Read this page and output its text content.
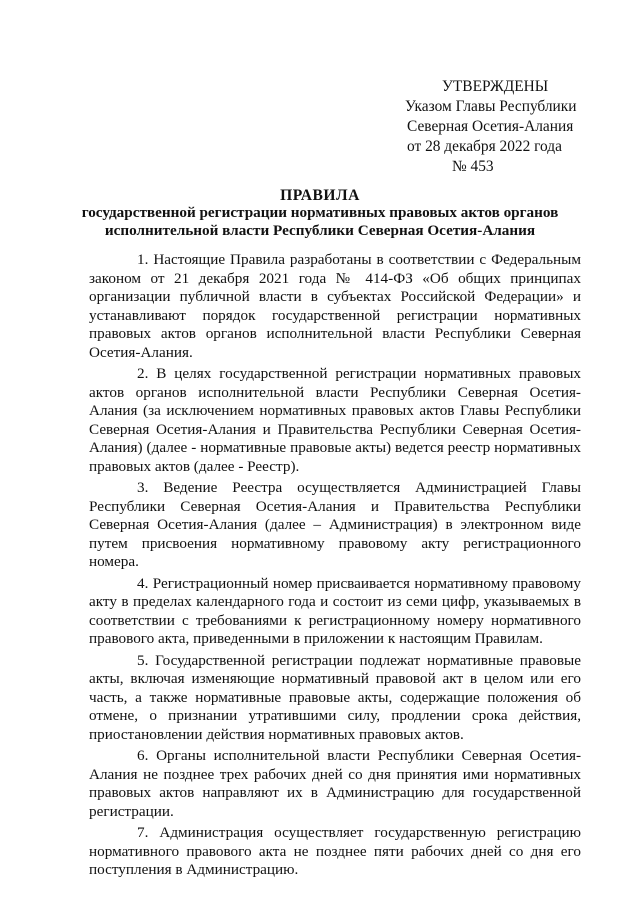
УТВЕРЖДЕНЫ
Указом Главы Республики
Северная Осетия-Алания
от 28 декабря 2022 года
№ 453
ПРАВИЛА
государственной регистрации нормативных правовых актов органов
исполнительной власти Республики Северная Осетия-Алания

1. Настоящие Правила разработаны в соответствии с Федеральным законом от 21 декабря 2021 года № 414-ФЗ «Об общих принципах организации публичной власти в субъектах Российской Федерации» и устанавливают порядок государственной регистрации нормативных правовых актов органов исполнительной власти Республики Северная Осетия-Алания.

2. В целях государственной регистрации нормативных правовых актов органов исполнительной власти Республики Северная Осетия-Алания (за исключением нормативных правовых актов Главы Республики Северная Осетия-Алания и Правительства Республики Северная Осетия-Алания) (далее - нормативные правовые акты) ведется реестр нормативных правовых актов (далее - Реестр).

3. Ведение Реестра осуществляется Администрацией Главы Республики Северная Осетия-Алания и Правительства Республики Северная Осетия-Алания (далее – Администрация) в электронном виде путем присвоения нормативному правовому акту регистрационного номера.

4. Регистрационный номер присваивается нормативному правовому акту в пределах календарного года и состоит из семи цифр, указываемых в соответствии с требованиями к регистрационному номеру нормативного правового акта, приведенными в приложении к настоящим Правилам.

5. Государственной регистрации подлежат нормативные правовые акты, включая изменяющие нормативный правовой акт в целом или его часть, а также нормативные правовые акты, содержащие положения об отмене, о признании утратившими силу, продлении срока действия, приостановлении действия нормативных правовых актов.

6. Органы исполнительной власти Республики Северная Осетия-Алания не позднее трех рабочих дней со дня принятия ими нормативных правовых актов направляют их в Администрацию для государственной регистрации.

7. Администрация осуществляет государственную регистрацию нормативного правового акта не позднее пяти рабочих дней со дня его поступления в Администрацию.
